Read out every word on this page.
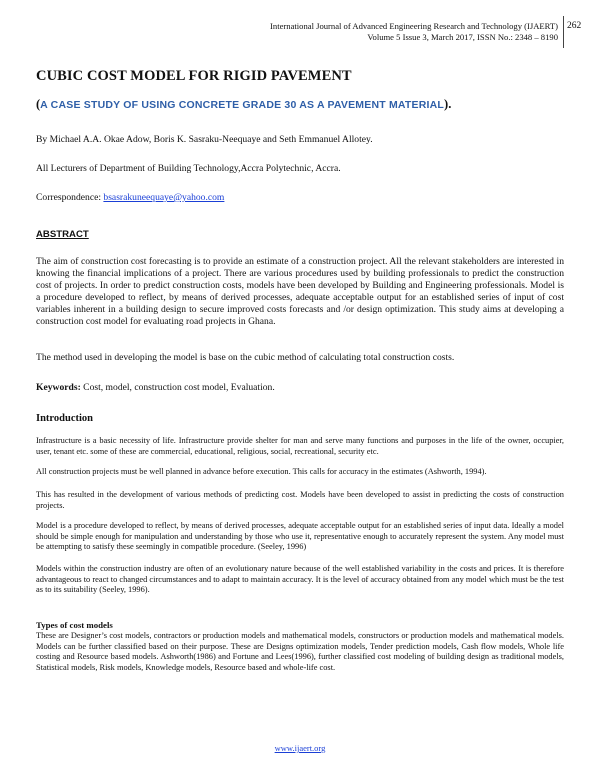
International Journal of Advanced Engineering Research and Technology (IJAERT)
Volume 5 Issue 3, March 2017, ISSN No.: 2348 – 8190
262
CUBIC COST MODEL FOR RIGID PAVEMENT
(A CASE STUDY OF USING CONCRETE GRADE 30 AS A PAVEMENT MATERIAL).
By Michael A.A. Okae Adow, Boris K. Sasraku-Neequaye and Seth Emmanuel Allotey.
All Lecturers of Department of Building Technology,Accra Polytechnic, Accra.
Correspondence: bsasrakuneequaye@yahoo.com
ABSTRACT
The aim of construction cost forecasting is to provide an estimate of a construction project. All the relevant stakeholders are interested in knowing the financial implications of a project. There are various procedures used by building professionals to predict the construction cost of projects. In order to predict construction costs, models have been developed by Building and Engineering professionals. Model is a procedure developed to reflect, by means of derived processes, adequate acceptable output for an established series of input of cost variables inherent in a building design to secure improved costs forecasts and /or design optimization. This study aims at developing a construction cost model for evaluating road projects in Ghana.
The method used in developing the model is base on the cubic method of calculating total construction costs.
Keywords: Cost, model, construction cost model, Evaluation.
Introduction
Infrastructure is a basic necessity of life. Infrastructure provide shelter for man and serve many functions and purposes in the life of the owner, occupier, user, tenant etc. some of these are commercial, educational, religious, social, recreational, security etc.
All construction projects must be well planned in advance before execution. This calls for accuracy in the estimates (Ashworth, 1994).
This has resulted in the development of various methods of predicting cost. Models have been developed to assist in predicting the costs of construction projects.
Model is a procedure developed to reflect, by means of derived processes, adequate acceptable output for an established series of input data. Ideally a model should be simple enough for manipulation and understanding by those who use it, representative enough to accurately represent the system. Any model must be attempting to satisfy these seemingly in compatible procedure. (Seeley, 1996)
Models within the construction industry are often of an evolutionary nature because of the well established variability in the costs and prices. It is therefore advantageous to react to changed circumstances and to adapt to maintain accuracy. It is the level of accuracy obtained from any model which must be the test as to its suitability (Seeley, 1996).
Types of cost models
These are Designer’s cost models, contractors or production models and mathematical models, constructors or production models and mathematical models. Models can be further classified based on their purpose. These are Designs optimization models, Tender prediction models, Cash flow models, Whole life costing and Resource based models. Ashworth(1986) and Fortune and Lees(1996), further classified cost modeling of building design as traditional models, Statistical models, Risk models, Knowledge models, Resource based and whole-life cost.
www.ijaert.org
